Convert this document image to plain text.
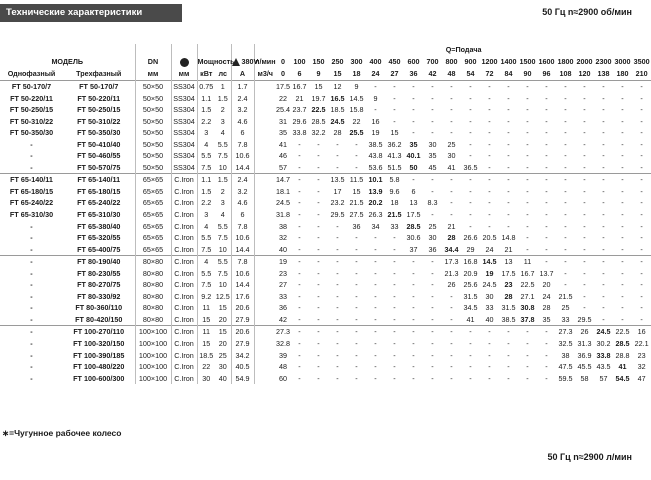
Технические характеристики	50 Гц n≈2900 об/мин
								Q=Подача																			
МОДЕЛЬ		DN		Мощность		380V	л/мин	0	100	150	250	300	400	450	600	700	800	900	1200	1400	1500	1600	1800	2000	2300	3000	3500
Однофазный	Трехфазный	мм	мм	кВт	лс	A	м3/ч	0	6	9	15	18	24	27	36	42	48	54	72	84	90	96	108	120	138	180	210
FT 50-170/7	FT 50-170/7	50×50	SS304	0.75	1	1.7		17.5	16.7	15	12	9	-	-	-	-	-	-	-	-	-	-	-	-	-	-	-
FT 50-220/11	FT 50-220/11	50×50	SS304	1.1	1.5	2.4		22	21	19.7	16.5	14.5	9	-	-	-	-	-	-	-	-	-	-	-	-	-	-
FT 50-250/15	FT 50-250/15	50×50	SS304	1.5	2	3.2		25.4	23.7	22.5	18.5	15.8	-	-	-	-	-	-	-	-	-	-	-	-	-	-	-
FT 50-310/22	FT 50-310/22	50×50	SS304	2.2	3	4.6		31	29.6	28.5	24.5	22	16	-	-	-	-	-	-	-	-	-	-	-	-	-	-
FT 50-350/30	FT 50-350/30	50×50	SS304	3	4	6		35	33.8	32.2	28	25.5	19	15	-	-	-	-	-	-	-	-	-	-	-	-	-
-	FT 50-410/40	50×50	SS304	4	5.5	7.8		41	-	-	-	-	38.5	36.2	35	30	25	-	-	-	-	-	-	-	-	-	-
-	FT 50-460/55	50×50	SS304	5.5	7.5	10.6		46	-	-	-	-	43.8	41.3	40.1	35	30	-	-	-	-	-	-	-	-	-	-
-	FT 50-570/75	50×50	SS304	7.5	10	14.4		57	-	-	-	-	53.6	51.5	50	45	41	36.5	-	-	-	-	-	-	-	-	-
FT 65-140/11	FT 65-140/11	65×65	C.Iron	1.1	1.5	2.4		14.7	-	-	13.5	11.5	10.1	5.8	-	-	-	-	-	-	-	-	-	-	-	-	-
FT 65-180/15	FT 65-180/15	65×65	C.Iron	1.5	2	3.2		18.1	-	-	17	15	13.9	9.6	6	-	-	-	-	-	-	-	-	-	-	-	-
FT 65-240/22	FT 65-240/22	65×65	C.Iron	2.2	3	4.6		24.5	-	-	23.2	21.5	20.2	18	13	8.3	-	-	-	-	-	-	-	-	-	-	-
FT 65-310/30	FT 65-310/30	65×65	C.Iron	3	4	6		31.8	-	-	29.5	27.5	26.3	21.5	17.5	-	-	-	-	-	-	-	-	-	-	-	-
-	FT 65-380/40	65×65	C.Iron	4	5.5	7.8		38	-	-	-	36	34	33	28.5	25	21	-	-	-	-	-	-	-	-	-	-
-	FT 65-320/55	65×65	C.Iron	5.5	7.5	10.6		32	-	-	-	-	-	-	30.6	30	28	26.6	20.5	14.8	-	-	-	-	-	-	-
-	FT 65-400/75	65×65	C.Iron	7.5	10	14.4		40	-	-	-	-	-	-	37	36	34.4	29	24	21	-	-	-	-	-	-	-
-	FT 80-190/40	80×80	C.Iron	4	5.5	7.8		19	-	-	-	-	-	-	-	-	17.3	16.8	14.5	13	11	-	-	-	-	-	-
-	FT 80-230/55	80×80	C.Iron	5.5	7.5	10.6		23	-	-	-	-	-	-	-	-	21.3	20.9	19	17.5	16.7	13.7	-	-	-	-	-
-	FT 80-270/75	80×80	C.Iron	7.5	10	14.4		27	-	-	-	-	-	-	-	-	26	25.6	24.5	23	22.5	20	-	-	-	-	-
-	FT 80-330/92	80×80	C.Iron	9.2	12.5	17.6		33	-	-	-	-	-	-	-	-	-	31.5	30	28	27.1	24	21.5	-	-	-	-
-	FT 80-360/110	80×80	C.Iron	11	15	20.6		36	-	-	-	-	-	-	-	-	-	34.5	33	31.5	30.8	28	25	-	-	-	-
-	FT 80-420/150	80×80	C.Iron	15	20	27.9		42	-	-	-	-	-	-	-	-	-	41	40	38.5	37.8	35	33	29.5	-	-	-
-	FT 100-270/110	100×100	C.Iron	11	15	20.6		27.3	-	-	-	-	-	-	-	-	-	-	-	-	-	-	27.3	26	24.5	22.5	16
-	FT 100-320/150	100×100	C.Iron	15	20	27.9		32.8	-	-	-	-	-	-	-	-	-	-	-	-	-	-	32.5	31.3	30.2	28.5	22.1
-	FT 100-390/185	100×100	C.Iron	18.5	25	34.2		39	-	-	-	-	-	-	-	-	-	-	-	-	-	-	38	36.9	33.8	28.8	23
-	FT 100-480/220	100×100	C.Iron	22	30	40.5		48	-	-	-	-	-	-	-	-	-	-	-	-	-	-	47.5	45.5	43.5	41	32
-	FT 100-600/300	100×100	C.Iron	30	40	54.9		60	-	-	-	-	-	-	-	-	-	-	-	-	-	-	59.5	58	57	54.5	47
∗=Чугунное рабочее колесо
50 Гц n≈2900 л/мин
